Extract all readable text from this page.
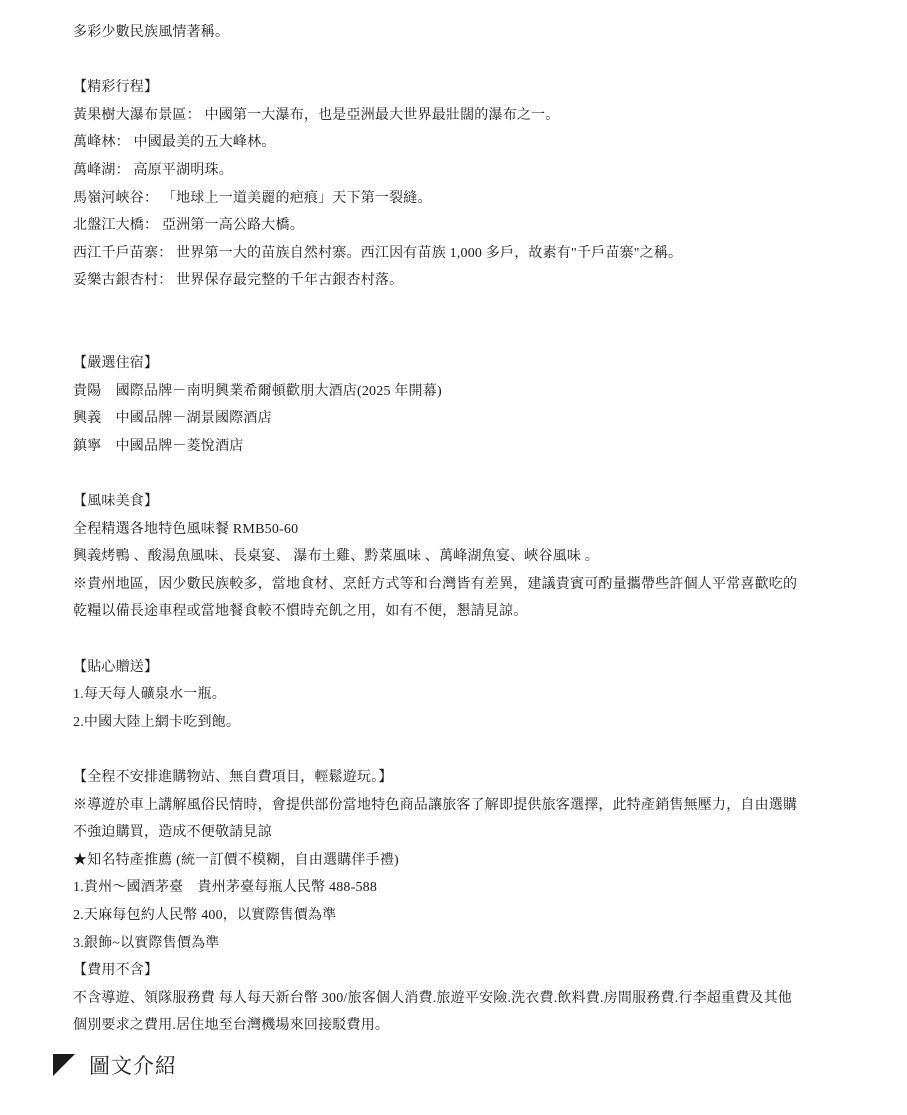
多彩少數民族風情著稱。
【精彩行程】
黃果樹大瀑布景區： 中國第一大瀑布，也是亞洲最大世界最壯闊的瀑布之一。
萬峰林： 中國最美的五大峰林。
萬峰湖： 高原平湖明珠。
馬嶺河峽谷： 「地球上一道美麗的疤痕」天下第一裂縫。
北盤江大橋： 亞洲第一高公路大橋。
西江千戶苗寨： 世界第一大的苗族自然村寨。西江因有苗族 1,000 多戶，故素有"千戶苗寨"之稱。
妥樂古銀杏村： 世界保存最完整的千年古銀杏村落。
【嚴選住宿】
貴陽　國際品牌－南明興業希爾頓歡朋大酒店(2025 年開幕)
興義　中國品牌－湖景國際酒店
鎮寧　中國品牌－菱悅酒店
【風味美食】
全程精選各地特色風味餐 RMB50-60
興義烤鴨 、酸湯魚風味、長桌宴、 瀑布土雞、黔菜風味 、萬峰湖魚宴、峽谷風味 。
※貴州地區，因少數民族較多，當地食材、烹飪方式等和台灣皆有差異，建議貴賓可酌量攜帶些許個人平常喜歡吃的
乾糧以備長途車程或當地餐食較不慣時充飢之用，如有不便，懇請見諒。
【貼心贈送】
1.每天每人礦泉水一瓶。
2.中國大陸上網卡吃到飽。
【全程不安排進購物站、無自費項目，輕鬆遊玩。】
※導遊於車上講解風俗民情時，會提供部份當地特色商品讓旅客了解即提供旅客選擇，此特產銷售無壓力，自由選購
不強迫購買，造成不便敬請見諒
★知名特產推薦 (統一訂價不模糊，自由選購伴手禮)
1.貴州～國酒茅臺　貴州茅臺每瓶人民幣 488-588
2.天麻每包約人民幣 400，以實際售價為準
3.銀飾~以實際售價為準
【費用不含】
不含導遊、領隊服務費 每人每天新台幣 300/旅客個人消費.旅遊平安險.洗衣費.飲料費.房間服務費.行李超重費及其他
個別要求之費用.居住地至台灣機場來回接駁費用。
圖文介紹
